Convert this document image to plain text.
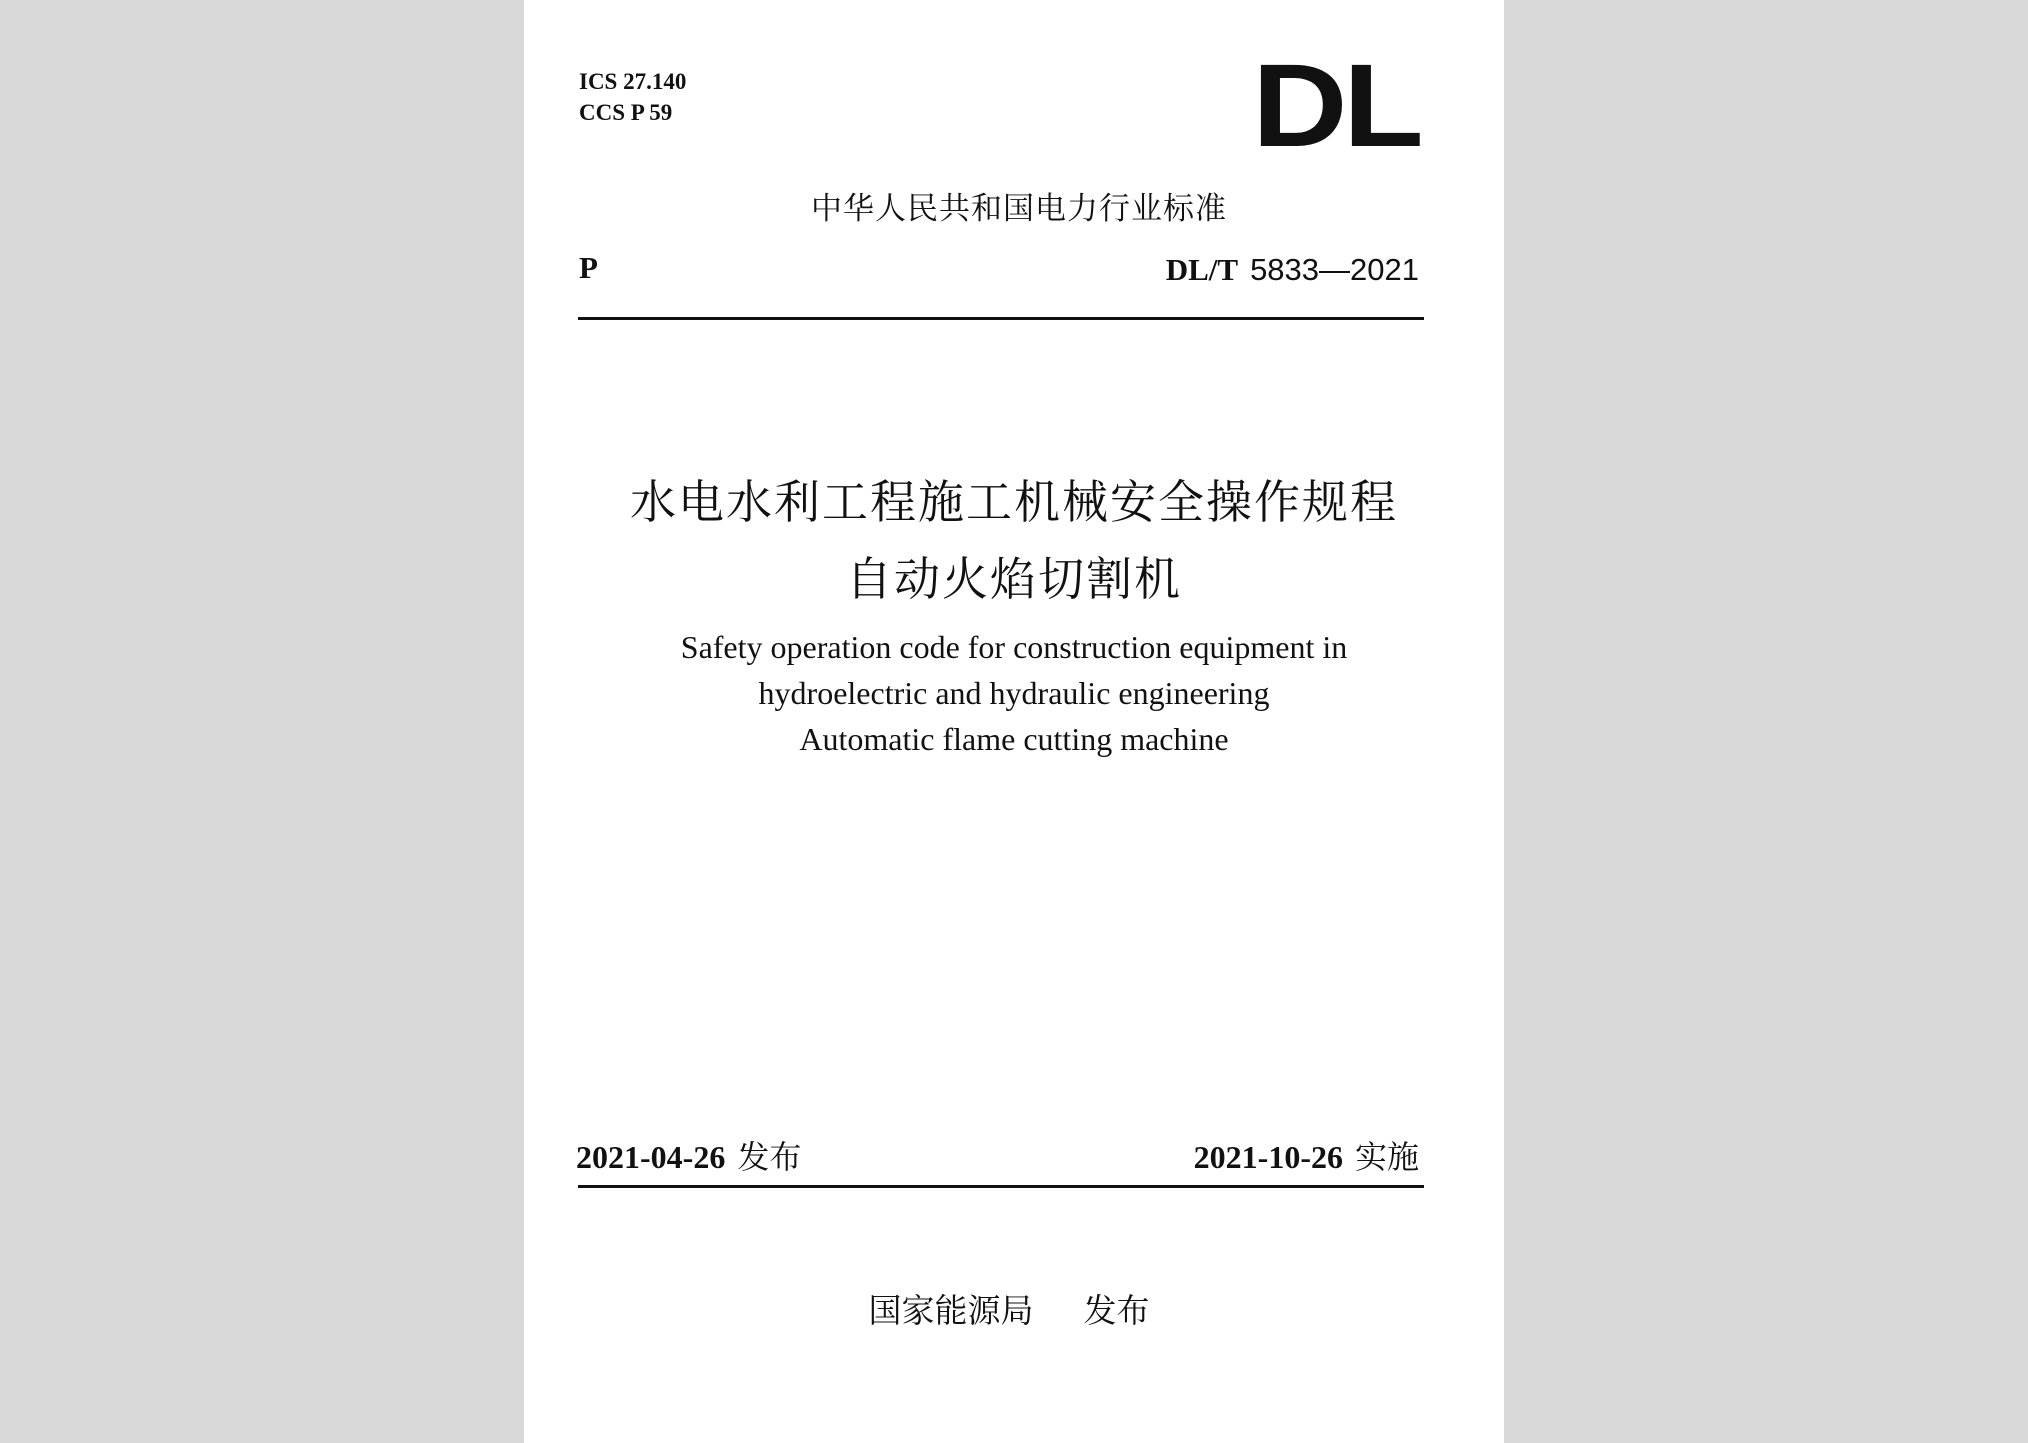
ICS 27.140
CCS P 59	DL
中华人民共和国电力行业标准
P	DL/T 5833—2021
水电水利工程施工机械安全操作规程
自动火焰切割机
Safety operation code for construction equipment in
hydroelectric and hydraulic engineering
Automatic flame cutting machine
2021-04-26 发布	2021-10-26 实施
国家能源局 发布
